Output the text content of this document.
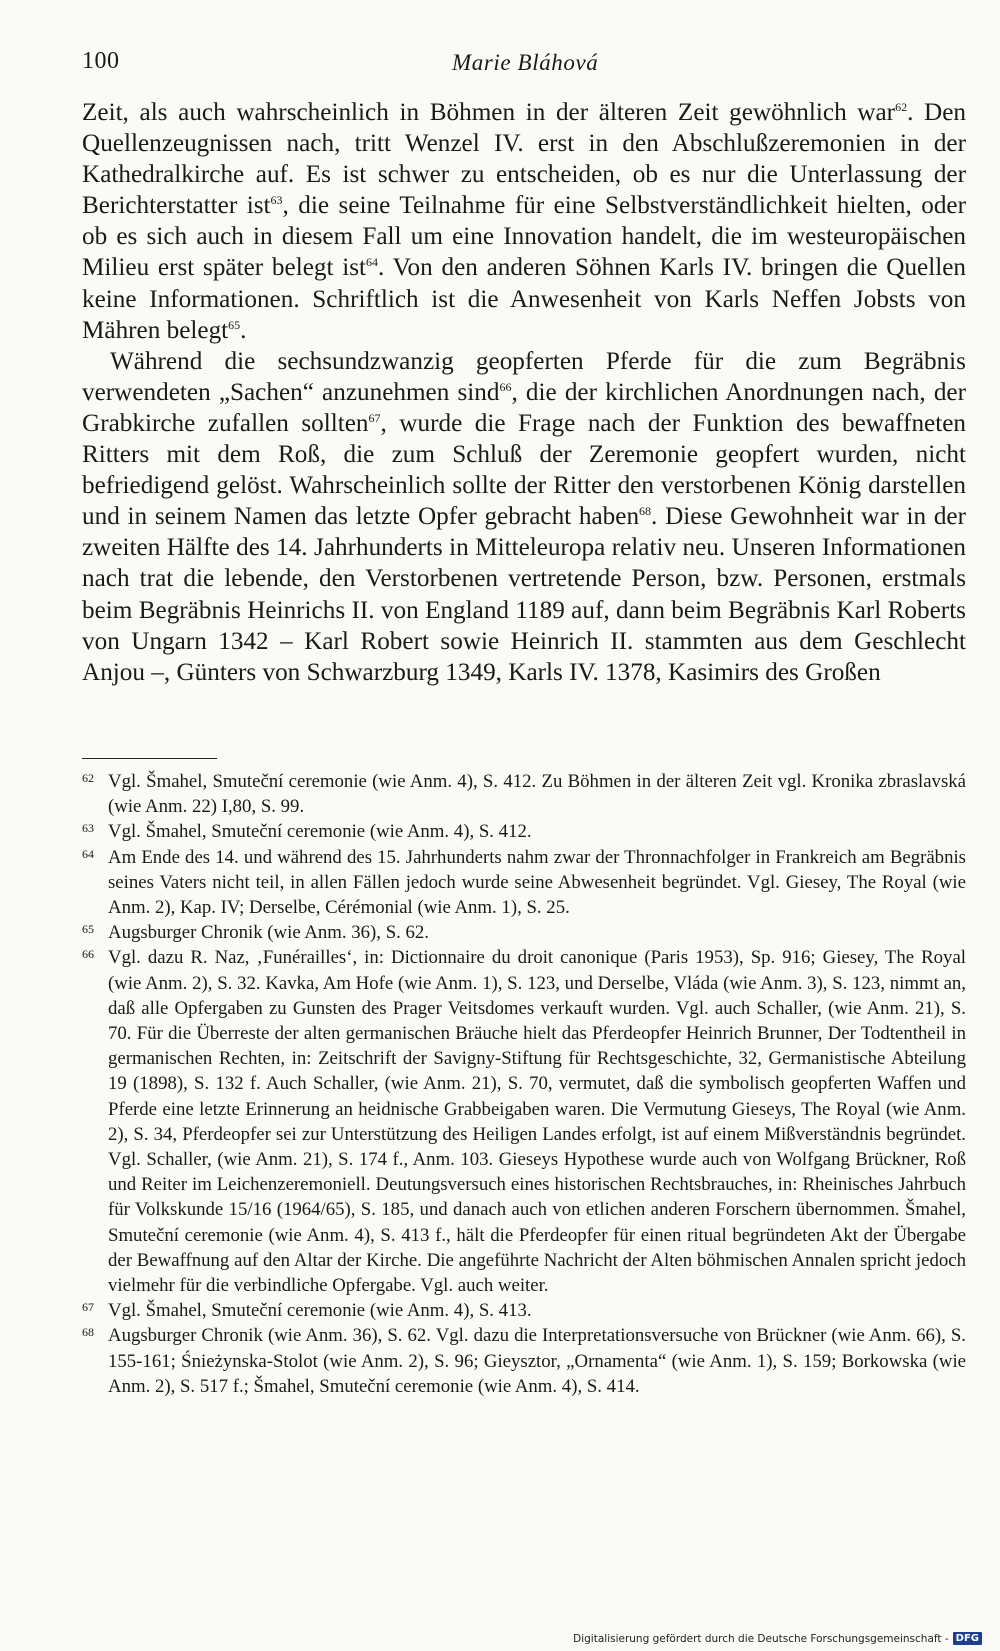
100	Marie Bláhová

Zeit, als auch wahrscheinlich in Böhmen in der älteren Zeit gewöhnlich war$^{62}$. Den Quellenzeugnissen nach, tritt Wenzel IV. erst in den Abschlußzeremonien in der Kathedralkirche auf. Es ist schwer zu entscheiden, ob es nur die Unterlassung der Berichterstatter ist$^{63}$, die seine Teilnahme für eine Selbstverständlichkeit hielten, oder ob es sich auch in diesem Fall um eine Innovation handelt, die im westeuropäischen Milieu erst später belegt ist$^{64}$. Von den anderen Söhnen Karls IV. bringen die Quellen keine Informationen. Schriftlich ist die Anwesenheit von Karls Neffen Jobsts von Mähren belegt$^{65}$.

Während die sechsundzwanzig geopferten Pferde für die zum Begräbnis verwendeten „Sachen“ anzunehmen sind$^{66}$, die der kirchlichen Anordnungen nach, der Grabkirche zufallen sollten$^{67}$, wurde die Frage nach der Funktion des bewaffneten Ritters mit dem Roß, die zum Schluß der Zeremonie geopfert wurden, nicht befriedigend gelöst. Wahrscheinlich sollte der Ritter den verstorbenen König darstellen und in seinem Namen das letzte Opfer gebracht haben$^{68}$. Diese Gewohnheit war in der zweiten Hälfte des 14. Jahrhunderts in Mitteleuropa relativ neu. Unseren Informationen nach trat die lebende, den Verstorbenen vertretende Person, bzw. Personen, erstmals beim Begräbnis Heinrichs II. von England 1189 auf, dann beim Begräbnis Karl Roberts von Ungarn 1342 – Karl Robert sowie Heinrich II. stammten aus dem Geschlecht Anjou –, Günters von Schwarzburg 1349, Karls IV. 1378, Kasimirs des Großen

62 Vgl. Šmahel, Smuteční ceremonie (wie Anm. 4), S. 412. Zu Böhmen in der älteren Zeit vgl. Kronika zbraslavská (wie Anm. 22) I,80, S. 99.
63 Vgl. Šmahel, Smuteční ceremonie (wie Anm. 4), S. 412.
64 Am Ende des 14. und während des 15. Jahrhunderts nahm zwar der Thronnachfolger in Frankreich am Begräbnis seines Vaters nicht teil, in allen Fällen jedoch wurde seine Abwesenheit begründet. Vgl. Giesey, The Royal (wie Anm. 2), Kap. IV; Derselbe, Cérémonial (wie Anm. 1), S. 25.
65 Augsburger Chronik (wie Anm. 36), S. 62.
66 Vgl. dazu R. Naz, ‚Funérailles‘, in: Dictionnaire du droit canonique (Paris 1953), Sp. 916; Giesey, The Royal (wie Anm. 2), S. 32. Kavka, Am Hofe (wie Anm. 1), S. 123, und Derselbe, Vláda (wie Anm. 3), S. 123, nimmt an, daß alle Opfergaben zu Gunsten des Prager Veitsdomes verkauft wurden. Vgl. auch Schaller, (wie Anm. 21), S. 70. Für die Überreste der alten germanischen Bräuche hielt das Pferdeopfer Heinrich Brunner, Der Todtentheil in germanischen Rechten, in: Zeitschrift der Savigny-Stiftung für Rechtsgeschichte, 32, Germanistische Abteilung 19 (1898), S. 132 f. Auch Schaller, (wie Anm. 21), S. 70, vermutet, daß die symbolisch geopferten Waffen und Pferde eine letzte Erinnerung an heidnische Grabbeigaben waren. Die Vermutung Gieseys, The Royal (wie Anm. 2), S. 34, Pferdeopfer sei zur Unterstützung des Heiligen Landes erfolgt, ist auf einem Mißverständnis begründet. Vgl. Schaller, (wie Anm. 21), S. 174 f., Anm. 103. Gieseys Hypothese wurde auch von Wolfgang Brückner, Roß und Reiter im Leichenzeremoniell. Deutungsversuch eines historischen Rechtsbrauches, in: Rheinisches Jahrbuch für Volkskunde 15/16 (1964/65), S. 185, und danach auch von etlichen anderen Forschern übernommen. Šmahel, Smuteční ceremonie (wie Anm. 4), S. 413 f., hält die Pferdeopfer für einen ritual begründeten Akt der Übergabe der Bewaffnung auf den Altar der Kirche. Die angeführte Nachricht der Alten böhmischen Annalen spricht jedoch vielmehr für die verbindliche Opfergabe. Vgl. auch weiter.
67 Vgl. Šmahel, Smuteční ceremonie (wie Anm. 4), S. 413.
68 Augsburger Chronik (wie Anm. 36), S. 62. Vgl. dazu die Interpretationsversuche von Brückner (wie Anm. 66), S. 155-161; Śnieżynska-Stolot (wie Anm. 2), S. 96; Gieysztor, „Ornamenta“ (wie Anm. 1), S. 159; Borkowska (wie Anm. 2), S. 517 f.; Šmahel, Smuteční ceremonie (wie Anm. 4), S. 414.
Digitalisierung gefördert durch die Deutsche Forschungsgemeinschaft - DFG
